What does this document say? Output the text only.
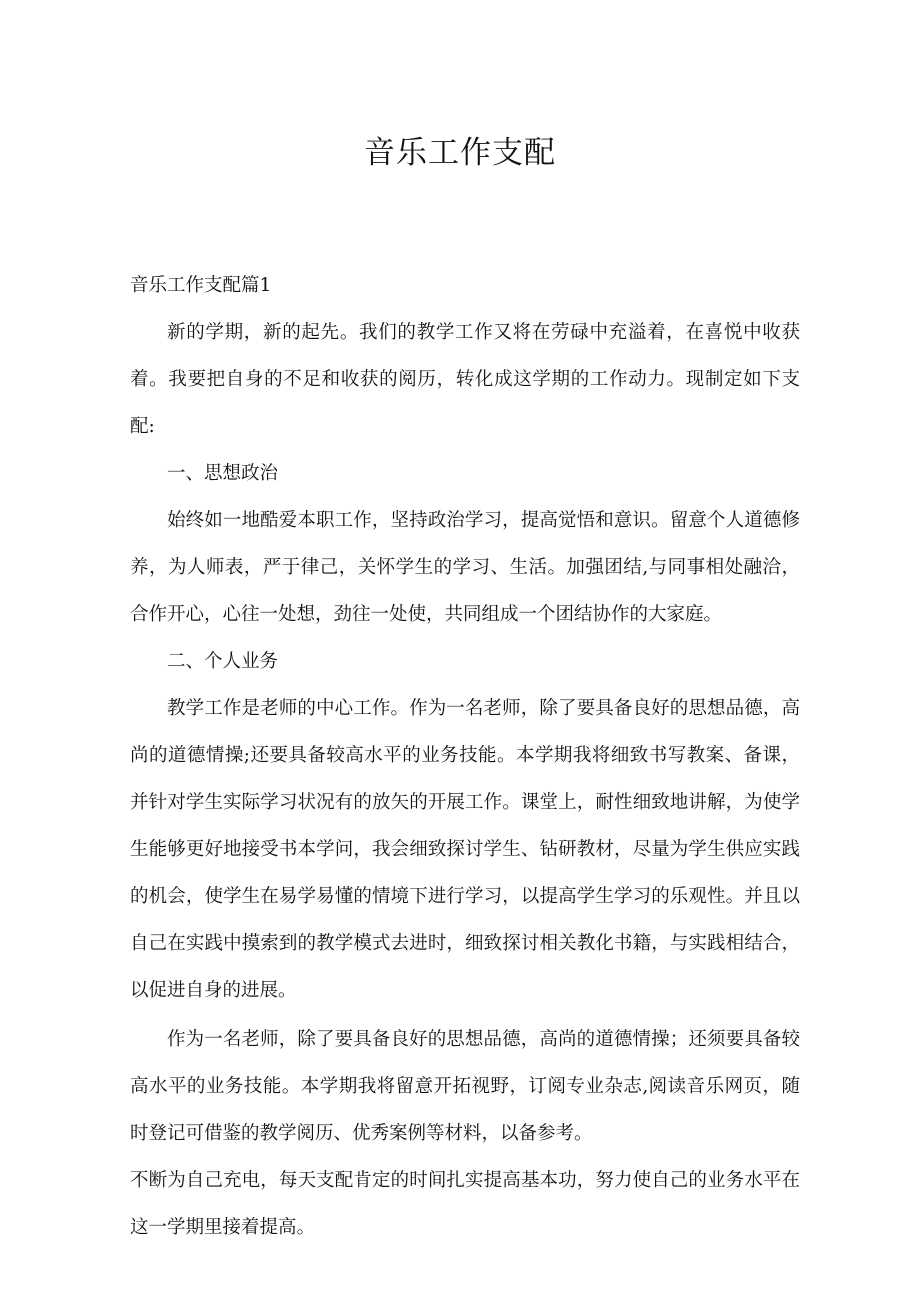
音乐工作支配

音乐工作支配篇1

新的学期，新的起先。我们的教学工作又将在劳碌中充溢着，在喜悦中收获着。我要把自身的不足和收获的阅历，转化成这学期的工作动力。现制定如下支配:

一、思想政治

始终如一地酷爱本职工作，坚持政治学习，提高觉悟和意识。留意个人道德修养，为人师表，严于律己，关怀学生的学习、生活。加强团结,与同事相处融洽，合作开心，心往一处想，劲往一处使，共同组成一个团结协作的大家庭。

二、个人业务

教学工作是老师的中心工作。作为一名老师，除了要具备良好的思想品德，高尚的道德情操;还要具备较高水平的业务技能。本学期我将细致书写教案、备课，并针对学生实际学习状况有的放矢的开展工作。课堂上，耐性细致地讲解，为使学生能够更好地接受书本学问，我会细致探讨学生、钻研教材，尽量为学生供应实践的机会，使学生在易学易懂的情境下进行学习，以提高学生学习的乐观性。并且以自己在实践中摸索到的教学模式去进时，细致探讨相关教化书籍，与实践相结合，以促进自身的进展。

作为一名老师，除了要具备良好的思想品德，高尚的道德情操；还须要具备较高水平的业务技能。本学期我将留意开拓视野，订阅专业杂志,阅读音乐网页，随时登记可借鉴的教学阅历、优秀案例等材料，以备参考。

不断为自己充电，每天支配肯定的时间扎实提高基本功，努力使自己的业务水平在这一学期里接着提高。
